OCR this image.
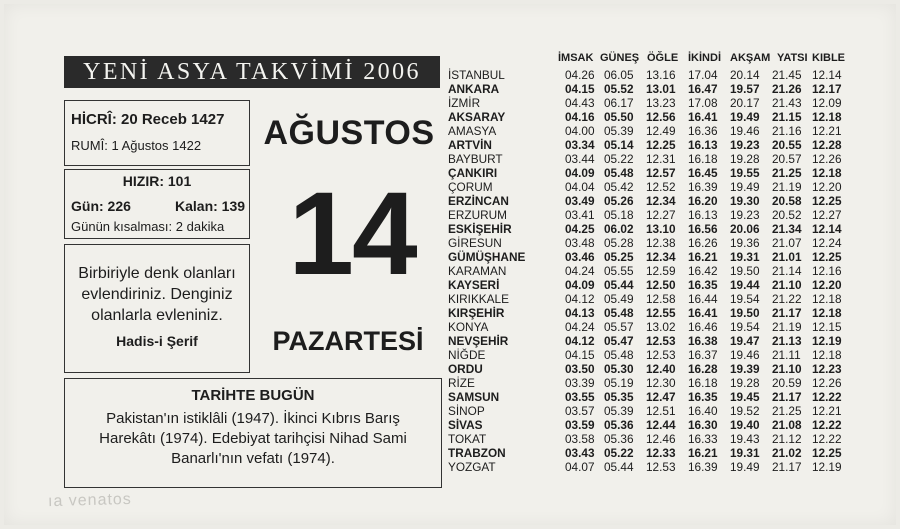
YENİ ASYA TAKVİMİ 2006
HİCRÎ: 20 Receb 1427
RUMÎ: 1 Ağustos 1422
HIZIR: 101
Gün: 226	Kalan: 139
Günün kısalması: 2 dakika
Birbiriyle denk olanları
evlendiriniz. Denginiz
olanlarla evleniniz.
Hadis-i Şerif
AĞUSTOS
14
PAZARTESİ
TARİHTE BUGÜN
Pakistan'ın istiklâli (1947). İkinci Kıbrıs Barış Harekâtı (1974). Edebiyat tarihçisi Nihad Sami Banarlı'nın vefatı (1974).
İMSAK GÜNEŞ ÖĞLE İKİNDİ AKŞAM YATSI KIBLE
İSTANBUL	04.26 06.05 13.16 17.04 20.14 21.45 12.14
ANKARA	04.15 05.52 13.01 16.47 19.57 21.26 12.17
İZMİR	04.43 06.17 13.23 17.08 20.17 21.43 12.09
AKSARAY	04.16 05.50 12.56 16.41 19.49 21.15 12.18
AMASYA	04.00 05.39 12.49 16.36 19.46 21.16 12.21
ARTVİN	03.34 05.14 12.25 16.13 19.23 20.55 12.28
BAYBURT	03.44 05.22 12.31 16.18 19.28 20.57 12.26
ÇANKIRI	04.09 05.48 12.57 16.45 19.55 21.25 12.18
ÇORUM	04.04 05.42 12.52 16.39 19.49 21.19 12.20
ERZİNCAN	03.49 05.26 12.34 16.20 19.30 20.58 12.25
ERZURUM	03.41 05.18 12.27 16.13 19.23 20.52 12.27
ESKİŞEHİR	04.25 06.02 13.10 16.56 20.06 21.34 12.14
GİRESUN	03.48 05.28 12.38 16.26 19.36 21.07 12.24
GÜMÜŞHANE	03.46 05.25 12.34 16.21 19.31 21.01 12.25
KARAMAN	04.24 05.55 12.59 16.42 19.50 21.14 12.16
KAYSERİ	04.09 05.44 12.50 16.35 19.44 21.10 12.20
KIRIKKALE	04.12 05.49 12.58 16.44 19.54 21.22 12.18
KIRŞEHİR	04.13 05.48 12.55 16.41 19.50 21.17 12.18
KONYA	04.24 05.57 13.02 16.46 19.54 21.19 12.15
NEVŞEHİR	04.12 05.47 12.53 16.38 19.47 21.13 12.19
NİĞDE	04.15 05.48 12.53 16.37 19.46 21.11 12.18
ORDU	03.50 05.30 12.40 16.28 19.39 21.10 12.23
RİZE	03.39 05.19 12.30 16.18 19.28 20.59 12.26
SAMSUN	03.55 05.35 12.47 16.35 19.45 21.17 12.22
SİNOP	03.57 05.39 12.51 16.40 19.52 21.25 12.21
SİVAS	03.59 05.36 12.44 16.30 19.40 21.08 12.22
TOKAT	03.58 05.36 12.46 16.33 19.43 21.12 12.22
TRABZON	03.43 05.22 12.33 16.21 19.31 21.02 12.25
YOZGAT	04.07 05.44 12.53 16.39 19.49 21.17 12.19
ıa venatos
